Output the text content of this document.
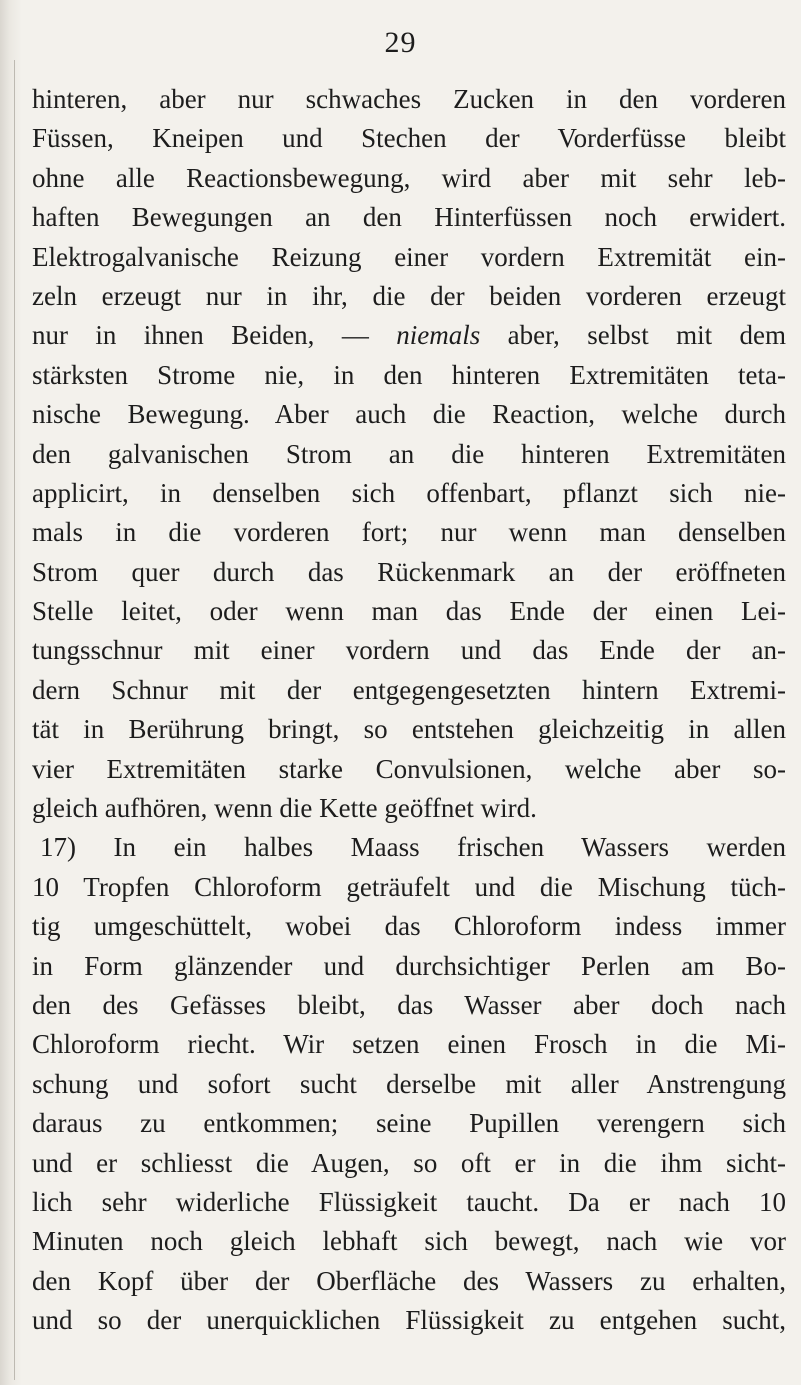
29
hinteren, aber nur schwaches Zucken in den vorderen
Füssen, Kneipen und Stechen der Vorderfüsse bleibt
ohne alle Reactionsbewegung, wird aber mit sehr leb-
haften Bewegungen an den Hinterfüssen noch erwidert.
Elektrogalvanische Reizung einer vordern Extremität ein-
zeln erzeugt nur in ihr, die der beiden vorderen erzeugt
nur in ihnen Beiden, — niemals aber, selbst mit dem
stärksten Strome nie, in den hinteren Extremitäten teta-
nische Bewegung. Aber auch die Reaction, welche durch
den galvanischen Strom an die hinteren Extremitäten
applicirt, in denselben sich offenbart, pflanzt sich nie-
mals in die vorderen fort; nur wenn man denselben
Strom quer durch das Rückenmark an der eröffneten
Stelle leitet, oder wenn man das Ende der einen Lei-
tungsschnur mit einer vordern und das Ende der an-
dern Schnur mit der entgegengesetzten hintern Extremi-
tät in Berührung bringt, so entstehen gleichzeitig in allen
vier Extremitäten starke Convulsionen, welche aber so-
gleich aufhören, wenn die Kette geöffnet wird.
17) In ein halbes Maass frischen Wassers werden
10 Tropfen Chloroform geträufelt und die Mischung tüch-
tig umgeschüttelt, wobei das Chloroform indess immer
in Form glänzender und durchsichtiger Perlen am Bo-
den des Gefässes bleibt, das Wasser aber doch nach
Chloroform riecht. Wir setzen einen Frosch in die Mi-
schung und sofort sucht derselbe mit aller Anstrengung
daraus zu entkommen; seine Pupillen verengern sich
und er schliesst die Augen, so oft er in die ihm sicht-
lich sehr widerliche Flüssigkeit taucht. Da er nach 10
Minuten noch gleich lebhaft sich bewegt, nach wie vor
den Kopf über der Oberfläche des Wassers zu erhalten,
und so der unerquicklichen Flüssigkeit zu entgehen sucht,
